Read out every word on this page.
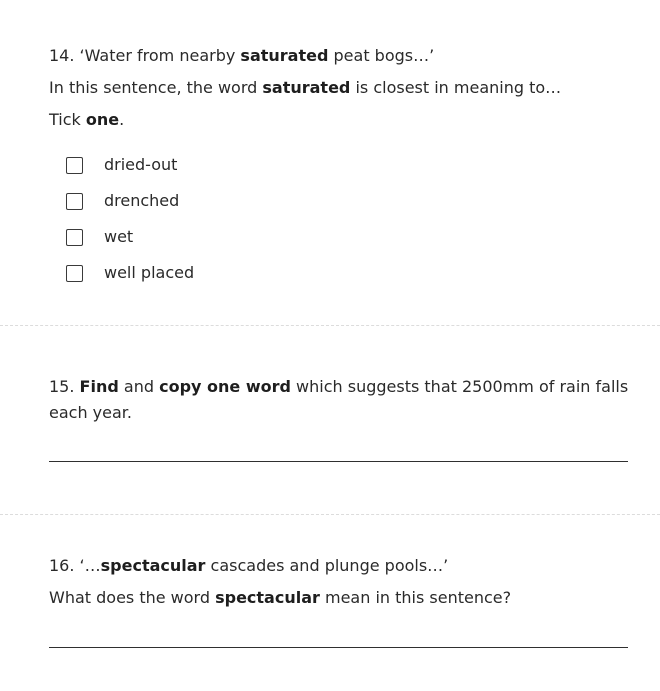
14. ‘Water from nearby saturated peat bogs…’
In this sentence, the word saturated is closest in meaning to…
Tick one.
dried-out
drenched
wet
well placed
15. Find and copy one word which suggests that 2500mm of rain falls each year.
16. ‘…spectacular cascades and plunge pools…’
What does the word spectacular mean in this sentence?
